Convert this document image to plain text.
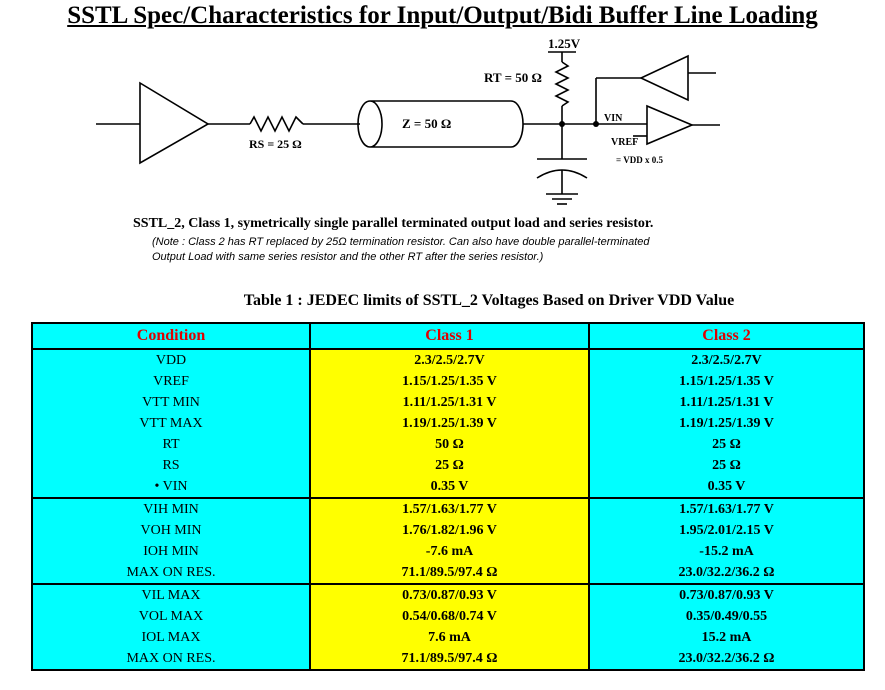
SSTL Spec/Characteristics for Input/Output/Bidi Buffer Line Loading
1.25V
RT = 50 Ω
RS = 25 Ω
Z = 50 Ω	VIN
VREF
= VDD x 0.5
SSTL_2, Class 1, symetrically single parallel terminated output load and series resistor.
(Note : Class 2 has RT replaced by 25Ω termination resistor. Can also have double parallel-terminated
Output Load with same series resistor and the other RT after the series resistor.)
Table 1 : JEDEC limits of SSTL_2 Voltages Based on Driver VDD Value
Condition	Class 1	Class 2
VDD	2.3/2.5/2.7V	2.3/2.5/2.7V
VREF	1.15/1.25/1.35 V	1.15/1.25/1.35 V
VTT MIN	1.11/1.25/1.31 V	1.11/1.25/1.31 V
VTT MAX	1.19/1.25/1.39 V	1.19/1.25/1.39 V
RT	50 Ω	25 Ω
RS	25 Ω	25 Ω
• VIN	0.35 V	0.35 V
VIH MIN	1.57/1.63/1.77 V	1.57/1.63/1.77 V
VOH MIN	1.76/1.82/1.96 V	1.95/2.01/2.15 V
IOH MIN	-7.6 mA	-15.2 mA
MAX ON RES.	71.1/89.5/97.4 Ω	23.0/32.2/36.2 Ω
VIL MAX	0.73/0.87/0.93 V	0.73/0.87/0.93 V
VOL MAX	0.54/0.68/0.74 V	0.35/0.49/0.55
IOL MAX	7.6 mA	15.2 mA
MAX ON RES.	71.1/89.5/97.4 Ω	23.0/32.2/36.2 Ω
